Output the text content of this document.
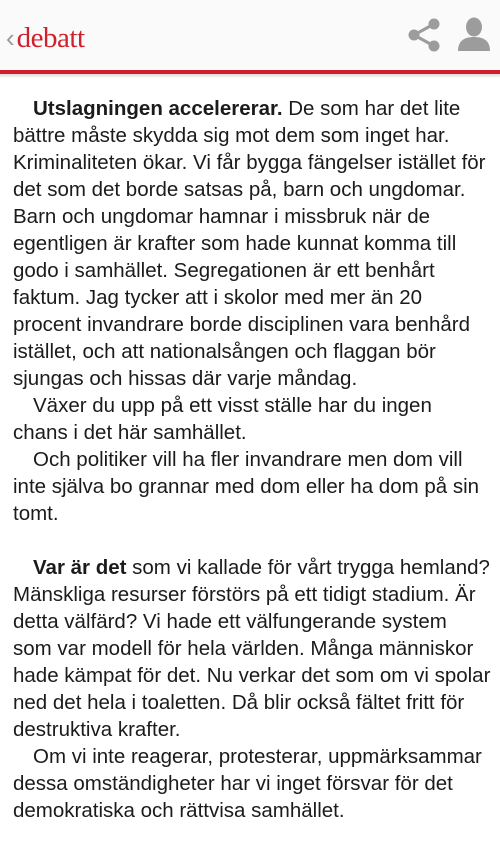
‹ debatt

Utslagningen accelererar. De som har det lite bättre måste skydda sig mot dem som inget har. Kriminaliteten ökar. Vi får bygga fängelser istället för det som det borde satsas på, barn och ungdomar. Barn och ungdomar hamnar i missbruk när de egentligen är krafter som hade kunnat komma till godo i samhället. Segregationen är ett benhårt faktum. Jag tycker att i skolor med mer än 20 procent invandrare borde disciplinen vara benhård istället, och att nationalsången och flaggan bör sjungas och hissas där varje måndag.

Växer du upp på ett visst ställe har du ingen chans i det här samhället.

Och politiker vill ha fler invandrare men dom vill inte själva bo grannar med dom eller ha dom på sin tomt.

Var är det som vi kallade för vårt trygga hemland? Mänskliga resurser förstörs på ett tidigt stadium. Är detta välfärd? Vi hade ett välfungerande system som var modell för hela världen. Många människor hade kämpat för det. Nu verkar det som om vi spolar ned det hela i toaletten. Då blir också fältet fritt för destruktiva krafter.

Om vi inte reagerar, protesterar, uppmärksammar dessa omständigheter har vi inget försvar för det demokratiska och rättvisa samhället.
